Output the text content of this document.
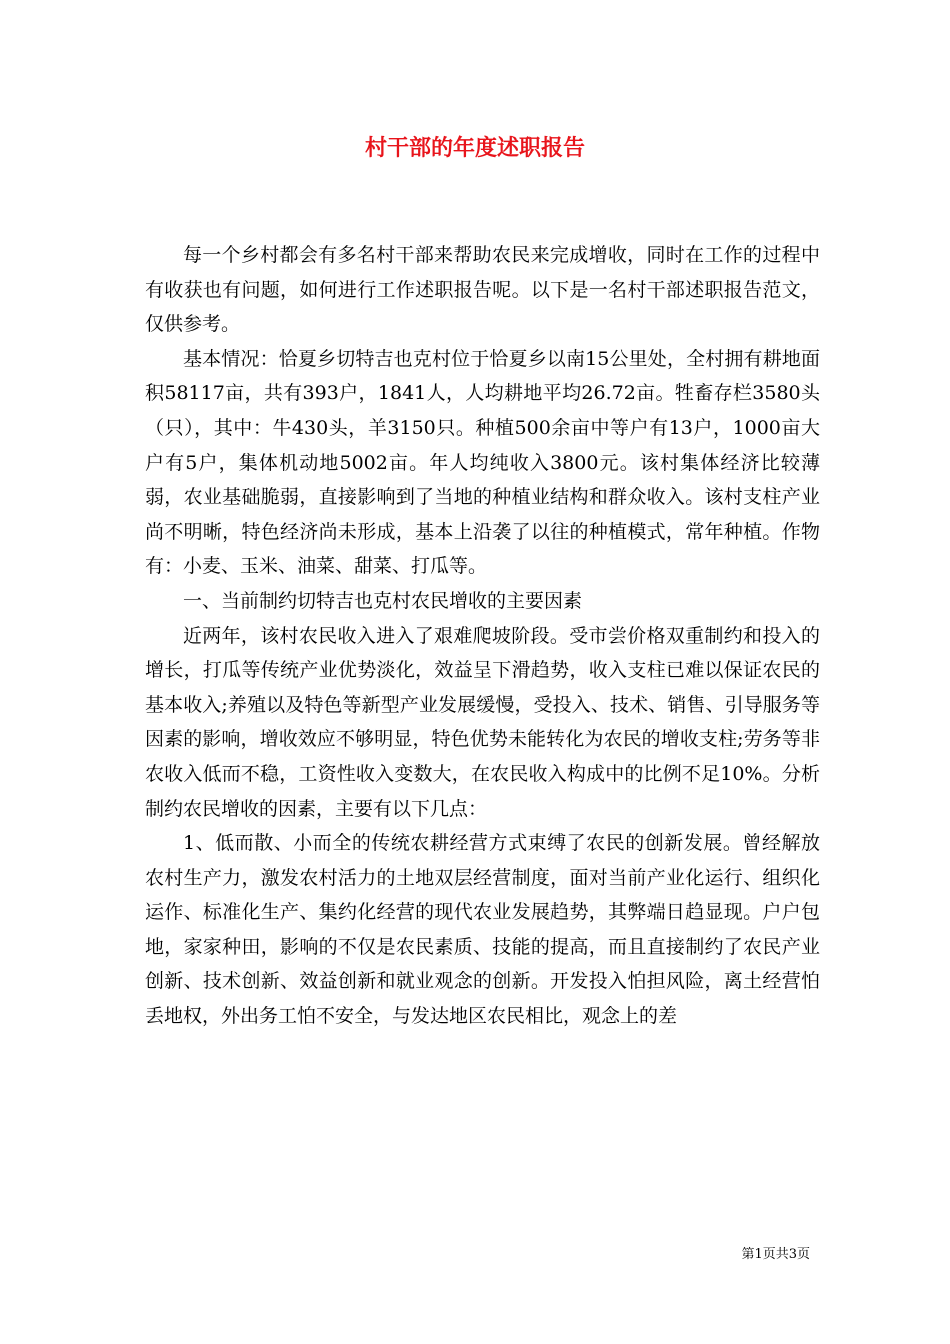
村干部的年度述职报告

每一个乡村都会有多名村干部来帮助农民来完成增收，同时在工作的过程中有收获也有问题，如何进行工作述职报告呢。以下是一名村干部述职报告范文，仅供参考。

基本情况：恰夏乡切特吉也克村位于恰夏乡以南15公里处，全村拥有耕地面积58117亩，共有393户，1841人，人均耕地平均26.72亩。牲畜存栏3580头（只），其中：牛430头，羊3150只。种植500余亩中等户有13户，1000亩大户有5户，集体机动地5002亩。年人均纯收入3800元。该村集体经济比较薄弱，农业基础脆弱，直接影响到了当地的种植业结构和群众收入。该村支柱产业尚不明晰，特色经济尚未形成，基本上沿袭了以往的种植模式，常年种植。作物有：小麦、玉米、油菜、甜菜、打瓜等。

一、当前制约切特吉也克村农民增收的主要因素

近两年，该村农民收入进入了艰难爬坡阶段。受市尝价格双重制约和投入的增长，打瓜等传统产业优势淡化，效益呈下滑趋势，收入支柱已难以保证农民的基本收入;养殖以及特色等新型产业发展缓慢，受投入、技术、销售、引导服务等因素的影响，增收效应不够明显，特色优势未能转化为农民的增收支柱;劳务等非农收入低而不稳，工资性收入变数大，在农民收入构成中的比例不足10%。分析制约农民增收的因素，主要有以下几点：

1、低而散、小而全的传统农耕经营方式束缚了农民的创新发展。曾经解放农村生产力，激发农村活力的土地双层经营制度，面对当前产业化运行、组织化运作、标准化生产、集约化经营的现代农业发展趋势，其弊端日趋显现。户户包地，家家种田，影响的不仅是农民素质、技能的提高，而且直接制约了农民产业创新、技术创新、效益创新和就业观念的创新。开发投入怕担风险，离土经营怕丢地权，外出务工怕不安全，与发达地区农民相比，观念上的差

第1页共3页
